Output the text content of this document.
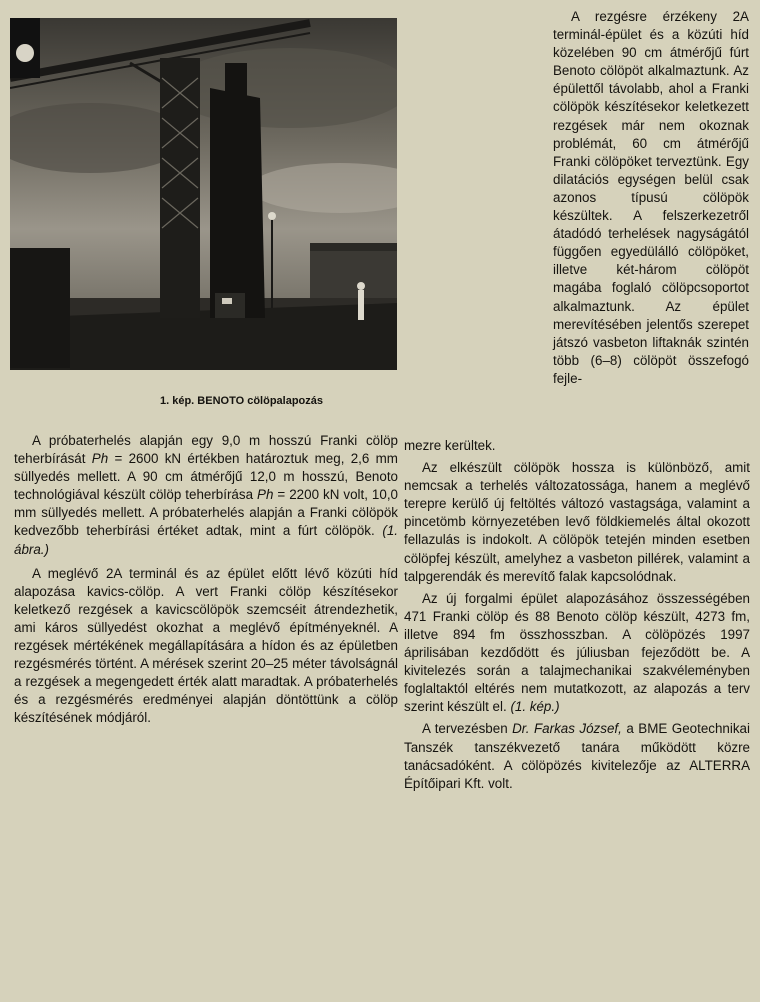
1. kép. BENOTO cölöpalapozás

A rezgésre érzékeny 2A terminál-épület és a közúti híd közelében 90 cm átmérőjű fúrt Benoto cölöpöt alkalmaztunk. Az épülettől távolabb, ahol a Franki cölöpök készítésekor keletkezett rezgések már nem okoznak problémát, 60 cm átmérőjű Franki cölöpöket terveztünk. Egy dilatációs egységen belül csak azonos típusú cölöpök készültek. A felszerkezetről átadódó terhelések nagyságától függően egyedülálló cölöpöket, illetve két-három cölöpöt magába foglaló cölöpcsoportot alkalmaztunk. Az épület merevítésében jelentős szerepet játszó vasbeton liftaknák szintén több (6–8) cölöpöt összefogó fejle-

A próbaterhelés alapján egy 9,0 m hosszú Franki cölöp teherbírását Ph = 2600 kN értékben határoztuk meg, 2,6 mm süllyedés mellett. A 90 cm átmérőjű 12,0 m hosszú, Benoto technológiával készült cölöp teherbírása Ph = 2200 kN volt, 10,0 mm süllyedés mellett. A próbaterhelés alapján a Franki cölöpök kedvezőbb teherbírási értéket adtak, mint a fúrt cölöpök. (1. ábra.)

A meglévő 2A terminál és az épület előtt lévő közúti híd alapozása kavics-cölöp. A vert Franki cölöp készítésekor keletkező rezgések a kavicscölöpök szemcséit átrendezhetik, ami káros süllyedést okozhat a meglévő építményeknél. A rezgések mértékének megállapítására a hídon és az épületben rezgésmérés történt. A mérések szerint 20–25 méter távolságnál a rezgések a megengedett érték alatt maradtak. A próbaterhelés és a rezgésmérés eredményei alapján döntöttünk a cölöp készítésének módjáról.

mezre kerültek.

Az elkészült cölöpök hossza is különböző, amit nemcsak a terhelés változatossága, hanem a meglévő terepre kerülő új feltöltés változó vastagsága, valamint a pincetömb környezetében levő földkiemelés által okozott fellazulás is indokolt. A cölöpök tetején minden esetben cölöpfej készült, amelyhez a vasbeton pillérek, valamint a talpgerendák és merevítő falak kapcsolódnak.

Az új forgalmi épület alapozásához összességében 471 Franki cölöp és 88 Benoto cölöp készült, 4273 fm, illetve 894 fm összhosszban. A cölöpözés 1997 áprilisában kezdődött és júliusban fejeződött be. A kivitelezés során a talajmechanikai szakvéleményben foglaltaktól eltérés nem mutatkozott, az alapozás a terv szerint készült el. (1. kép.)

A tervezésben Dr. Farkas József, a BME Geotechnikai Tanszék tanszékvezető tanára működött közre tanácsadóként. A cölöpözés kivitelezője az ALTERRA Építőipari Kft. volt.
